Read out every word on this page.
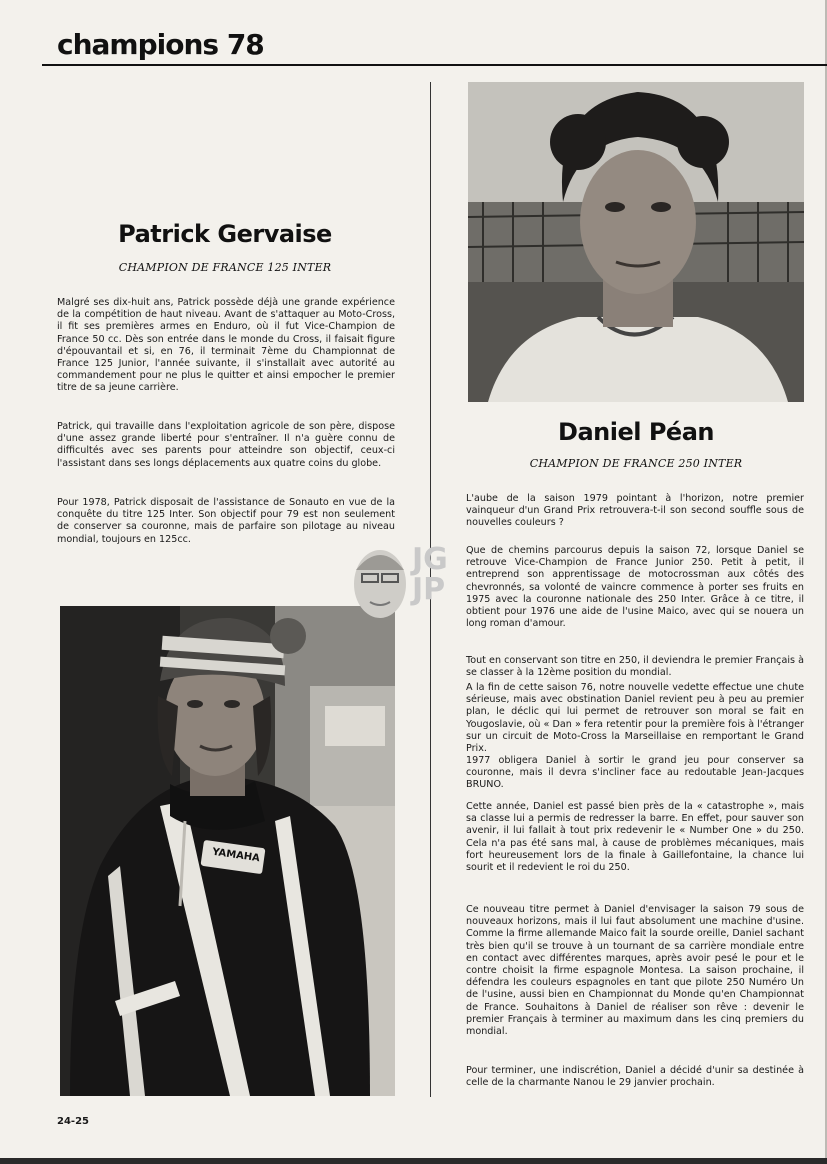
champions 78
Patrick Gervaise
CHAMPION DE FRANCE 125 INTER

Malgré ses dix-huit ans, Patrick possède déjà une grande expérience de la compétition de haut niveau. Avant de s'attaquer au Moto-Cross, il fit ses premières armes en Enduro, où il fut Vice-Champion de France 50 cc. Dès son entrée dans le monde du Cross, il faisait figure d'épouvantail et si, en 76, il terminait 7ème du Championnat de France 125 Junior, l'année suivante, il s'installait avec autorité au commandement pour ne plus le quitter et ainsi empocher le premier titre de sa jeune carrière.

Patrick, qui travaille dans l'exploitation agricole de son père, dispose d'une assez grande liberté pour s'entraîner. Il n'a guère connu de difficultés avec ses parents pour atteindre son objectif, ceux-ci l'assistant dans ses longs déplacements aux quatre coins du globe.

Pour 1978, Patrick disposait de l'assistance de Sonauto en vue de la conquête du titre 125 Inter. Son objectif pour 79 est non seulement de conserver sa couronne, mais de parfaire son pilotage au niveau mondial, toujours en 125cc.

YAMAHA
Daniel Péan
CHAMPION DE FRANCE 250 INTER

L'aube de la saison 1979 pointant à l'horizon, notre premier vainqueur d'un Grand Prix retrouvera-t-il son second souffle sous de nouvelles couleurs ?

Que de chemins parcourus depuis la saison 72, lorsque Daniel se retrouve Vice-Champion de France Junior 250. Petit à petit, il entreprend son apprentissage de motocrossman aux côtés des chevronnés, sa volonté de vaincre commence à porter ses fruits en 1975 avec la couronne nationale des 250 Inter. Grâce à ce titre, il obtient pour 1976 une aide de l'usine Maico, avec qui se nouera un long roman d'amour.

Tout en conservant son titre en 250, il deviendra le premier Français à se classer à la 12ème position du mondial.

A la fin de cette saison 76, notre nouvelle vedette effectue une chute sérieuse, mais avec obstination Daniel revient peu à peu au premier plan, le déclic qui lui permet de retrouver son moral se fait en Yougoslavie, où « Dan » fera retentir pour la première fois à l'étranger sur un circuit de Moto-Cross la Marseillaise en remportant le Grand Prix.

1977 obligera Daniel à sortir le grand jeu pour conserver sa couronne, mais il devra s'incliner face au redoutable Jean-Jacques BRUNO.

Cette année, Daniel est passé bien près de la « catastrophe », mais sa classe lui a permis de redresser la barre. En effet, pour sauver son avenir, il lui fallait à tout prix redevenir le « Number One » du 250. Cela n'a pas été sans mal, à cause de problèmes mécaniques, mais fort heureusement lors de la finale à Gaillefontaine, la chance lui sourit et il redevient le roi du 250.

Ce nouveau titre permet à Daniel d'envisager la saison 79 sous de nouveaux horizons, mais il lui faut absolument une machine d'usine. Comme la firme allemande Maico fait la sourde oreille, Daniel sachant très bien qu'il se trouve à un tournant de sa carrière mondiale entre en contact avec différentes marques, après avoir pesé le pour et le contre choisit la firme espagnole Montesa. La saison prochaine, il défendra les couleurs espagnoles en tant que pilote 250 Numéro Un de l'usine, aussi bien en Championnat du Monde qu'en Championnat de France. Souhaitons à Daniel de réaliser son rêve : devenir le premier Français à terminer au maximum dans les cinq premiers du mondial.

Pour terminer, une indiscrétion, Daniel a décidé d'unir sa destinée à celle de la charmante Nanou le 29 janvier prochain.

JG
JP
24-25
